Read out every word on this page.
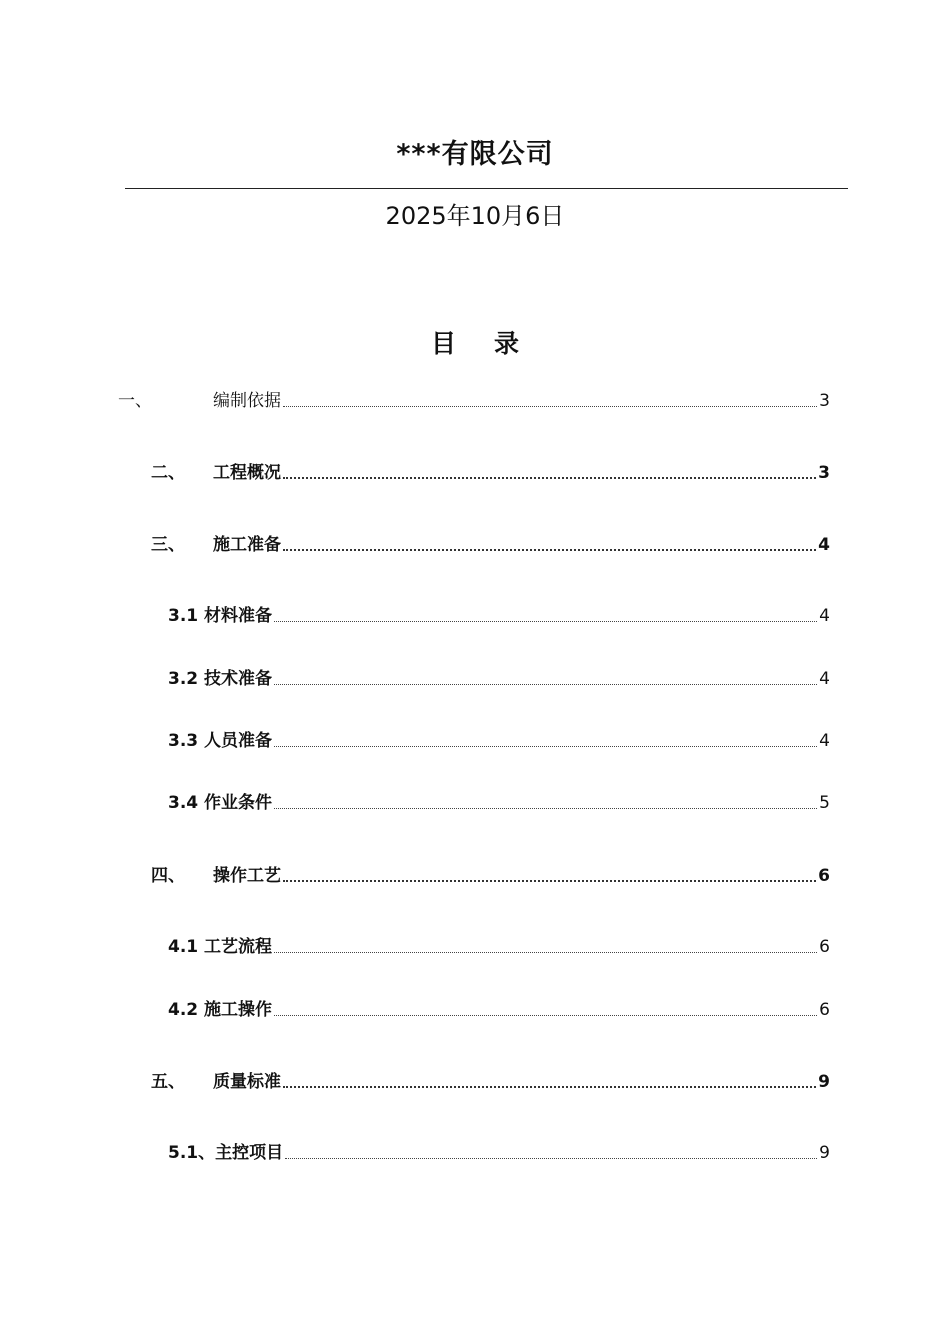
***有限公司
2025年10月6日
目 录
一、	编制依据	3
二、	工程概况	3
三、	施工准备	4
3.1 材料准备	4
3.2 技术准备	4
3.3 人员准备	4
3.4 作业条件	5
四、	操作工艺	6
4.1 工艺流程	6
4.2 施工操作	6
五、	质量标准	9
5.1、主控项目	9
